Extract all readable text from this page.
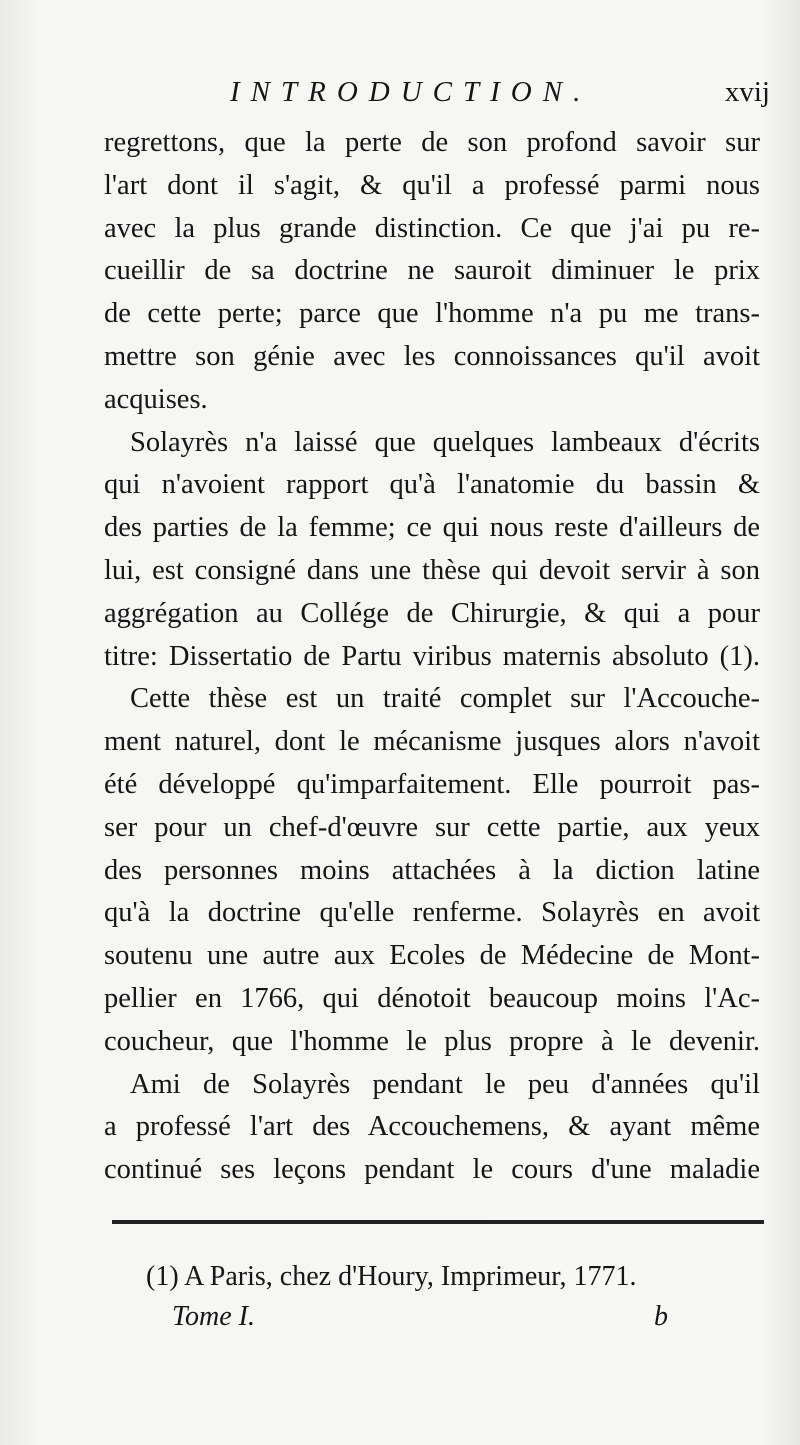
INTRODUCTION.	xvij
regrettons, que la perte de son profond savoir sur
l'art dont il s'agit, & qu'il a professé parmi nous
avec la plus grande distinction. Ce que j'ai pu re-
cueillir de sa doctrine ne sauroit diminuer le prix
de cette perte; parce que l'homme n'a pu me trans-
mettre son génie avec les connoissances qu'il avoit
acquises.
Solayrès n'a laissé que quelques lambeaux d'écrits
qui n'avoient rapport qu'à l'anatomie du bassin &
des parties de la femme; ce qui nous reste d'ailleurs de
lui, est consigné dans une thèse qui devoit servir à son
aggrégation au Collége de Chirurgie, & qui a pour
titre: Dissertatio de Partu viribus maternis absoluto (1).
Cette thèse est un traité complet sur l'Accouche-
ment naturel, dont le mécanisme jusques alors n'avoit
été développé qu'imparfaitement. Elle pourroit pas-
ser pour un chef-d'œuvre sur cette partie, aux yeux
des personnes moins attachées à la diction latine
qu'à la doctrine qu'elle renferme. Solayrès en avoit
soutenu une autre aux Ecoles de Médecine de Mont-
pellier en 1766, qui dénotoit beaucoup moins l'Ac-
coucheur, que l'homme le plus propre à le devenir.
Ami de Solayrès pendant le peu d'années qu'il
a professé l'art des Accouchemens, & ayant même
continué ses leçons pendant le cours d'une maladie
(1) A Paris, chez d'Houry, Imprimeur, 1771.
Tome I.	b
